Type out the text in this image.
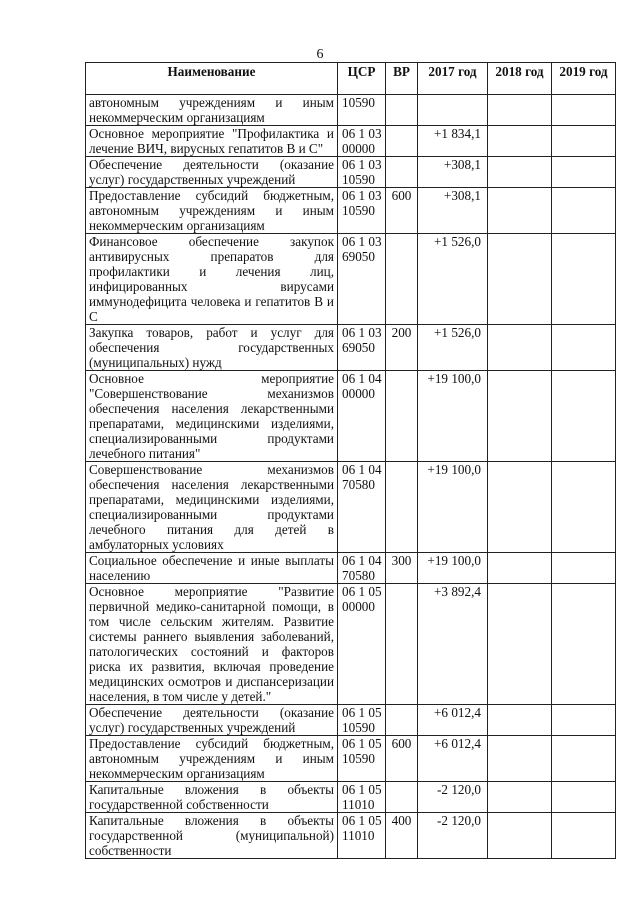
6
Наименование	ЦСР	ВР	2017 год	2018 год	2019 год
автономным учреждениям и иным некоммерческим организациям	10590				
Основное мероприятие "Профилактика и лечение ВИЧ, вирусных гепатитов В и С"	06 1 03 00000		+1 834,1		
Обеспечение деятельности (оказание услуг) государственных учреждений	06 1 03 10590		+308,1		
Предоставление субсидий бюджетным, автономным учреждениям и иным некоммерческим организациям	06 1 03 10590	600	+308,1		
Финансовое обеспечение закупок антивирусных препаратов для профилактики и лечения лиц, инфицированных вирусами иммунодефицита человека и гепатитов В и С	06 1 03 69050		+1 526,0		
Закупка товаров, работ и услуг для обеспечения государственных (муниципальных) нужд	06 1 03 69050	200	+1 526,0		
Основное мероприятие "Совершенствование механизмов обеспечения населения лекарственными препаратами, медицинскими изделиями, специализированными продуктами лечебного питания"	06 1 04 00000		+19 100,0		
Совершенствование механизмов обеспечения населения лекарственными препаратами, медицинскими изделиями, специализированными продуктами лечебного питания для детей в амбулаторных условиях	06 1 04 70580		+19 100,0		
Социальное обеспечение и иные выплаты населению	06 1 04 70580	300	+19 100,0		
Основное мероприятие "Развитие первичной медико-санитарной помощи, в том числе сельским жителям. Развитие системы раннего выявления заболеваний, патологических состояний и факторов риска их развития, включая проведение медицинских осмотров и диспансеризации населения, в том числе у детей."	06 1 05 00000		+3 892,4		
Обеспечение деятельности (оказание услуг) государственных учреждений	06 1 05 10590		+6 012,4		
Предоставление субсидий бюджетным, автономным учреждениям и иным некоммерческим организациям	06 1 05 10590	600	+6 012,4		
Капитальные вложения в объекты государственной собственности	06 1 05 11010		-2 120,0		
Капитальные вложения в объекты государственной (муниципальной) собственности	06 1 05 11010	400	-2 120,0		
